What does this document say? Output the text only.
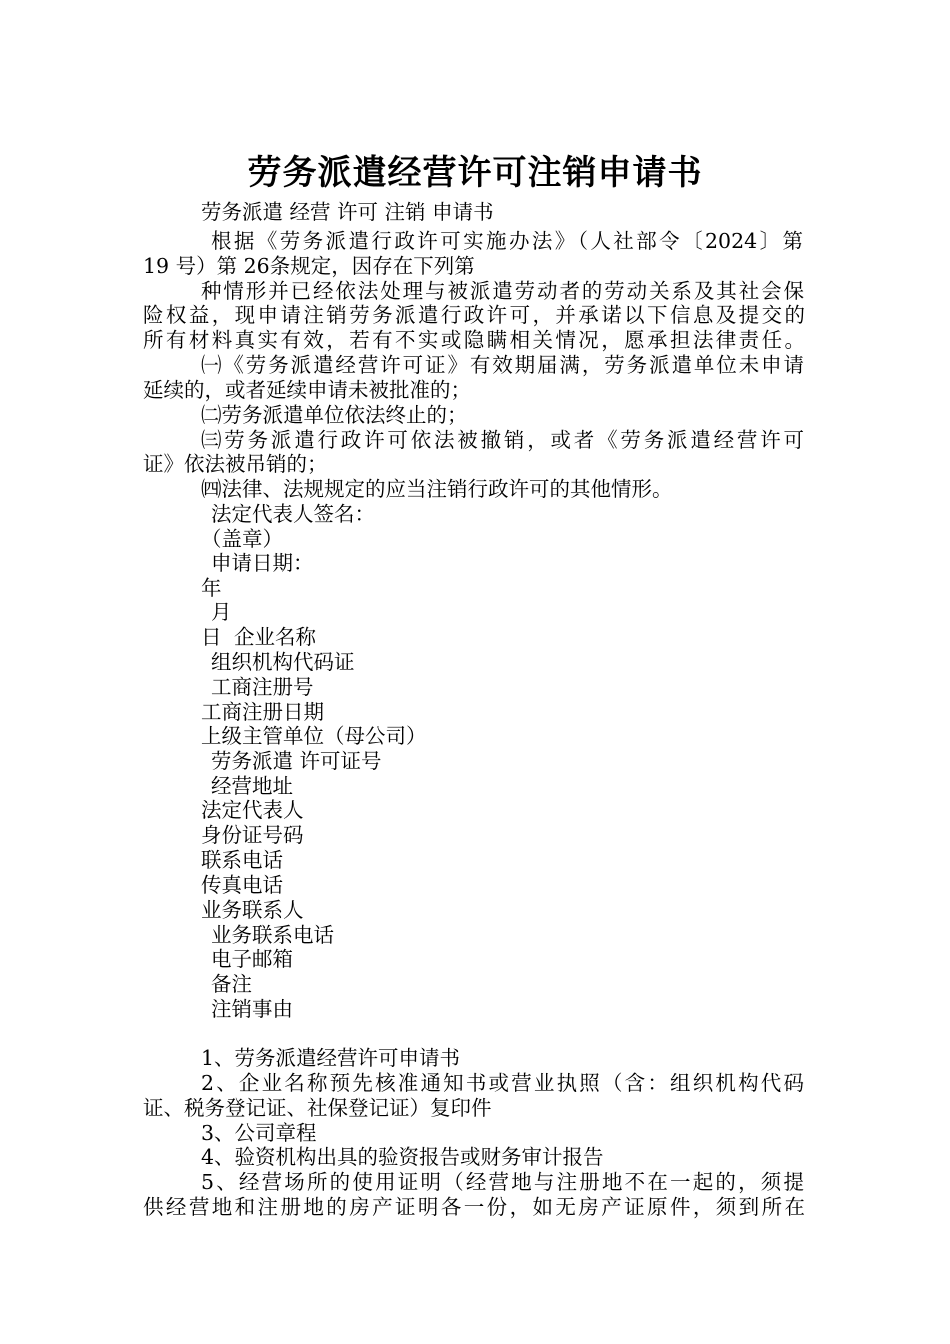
劳务派遣经营许可注销申请书
劳务派遣 经营 许可 注销 申请书
根据《劳务派遣行政许可实施办法》（人社部令〔2024〕第
19 号）第 26条规定，因存在下列第
种情形并已经依法处理与被派遣劳动者的劳动关系及其社会保
险权益，现申请注销劳务派遣行政许可，并承诺以下信息及提交的
所有材料真实有效，若有不实或隐瞒相关情况，愿承担法律责任。
㈠《劳务派遣经营许可证》有效期届满，劳务派遣单位未申请
延续的，或者延续申请未被批准的；
㈡劳务派遣单位依法终止的；
㈢劳务派遣行政许可依法被撤销，或者《劳务派遣经营许可
证》依法被吊销的；
㈣法律、法规规定的应当注销行政许可的其他情形。
法定代表人签名：
（盖章）
申请日期：
年
月
日 企业名称
组织机构代码证
工商注册号
工商注册日期
上级主管单位（母公司）
劳务派遣 许可证号
经营地址
法定代表人
身份证号码
联系电话
传真电话
业务联系人
业务联系电话
电子邮箱
备注
注销事由
1、劳务派遣经营许可申请书
2、企业名称预先核准通知书或营业执照（含：组织机构代码
证、税务登记证、社保登记证）复印件
3、公司章程
4、验资机构出具的验资报告或财务审计报告
5、经营场所的使用证明（经营地与注册地不在一起的，须提
供经营地和注册地的房产证明各一份，如无房产证原件，须到所在
